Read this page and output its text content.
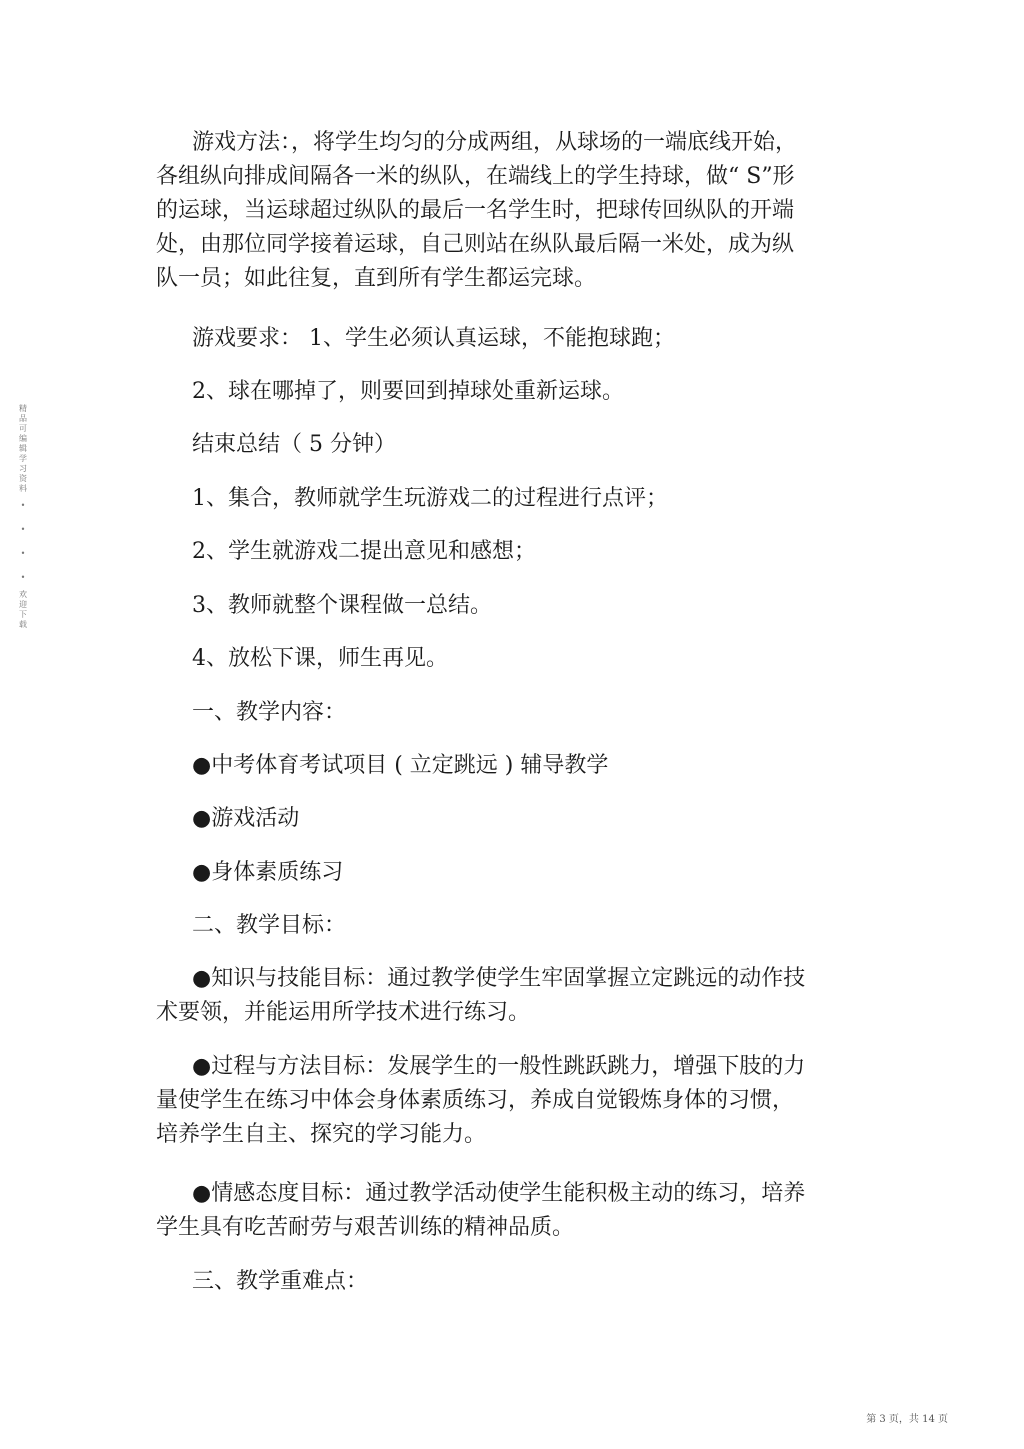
游戏方法：，将学生均匀的分成两组，从球场的一端底线开始，
各组纵向排成间隔各一米的纵队，在端线上的学生持球，做“ S”形
的运球，当运球超过纵队的最后一名学生时，把球传回纵队的开端
处，由那位同学接着运球，自己则站在纵队最后隔一米处，成为纵
队一员；如此往复，直到所有学生都运完球。
游戏要求： 1、学生必须认真运球，不能抱球跑；
2、球在哪掉了，则要回到掉球处重新运球。
结束总结（ 5 分钟）
1、集合，教师就学生玩游戏二的过程进行点评；
2、学生就游戏二提出意见和感想；
3、教师就整个课程做一总结。
4、放松下课，师生再见。
一、教学内容：
●中考体育考试项目 ( 立定跳远 ) 辅导教学
●游戏活动
●身体素质练习
二、教学目标：
●知识与技能目标：通过教学使学生牢固掌握立定跳远的动作技
术要领，并能运用所学技术进行练习。
●过程与方法目标：发展学生的一般性跳跃跳力，增强下肢的力
量使学生在练习中体会身体素质练习，养成自觉锻炼身体的习惯，
培养学生自主、探究的学习能力。
●情感态度目标：通过教学活动使学生能积极主动的练习，培养
学生具有吃苦耐劳与艰苦训练的精神品质。
三、教学重难点：
精品可编辑学习资料
•
•
•
•
欢迎下载
第 3 页，共 14 页
